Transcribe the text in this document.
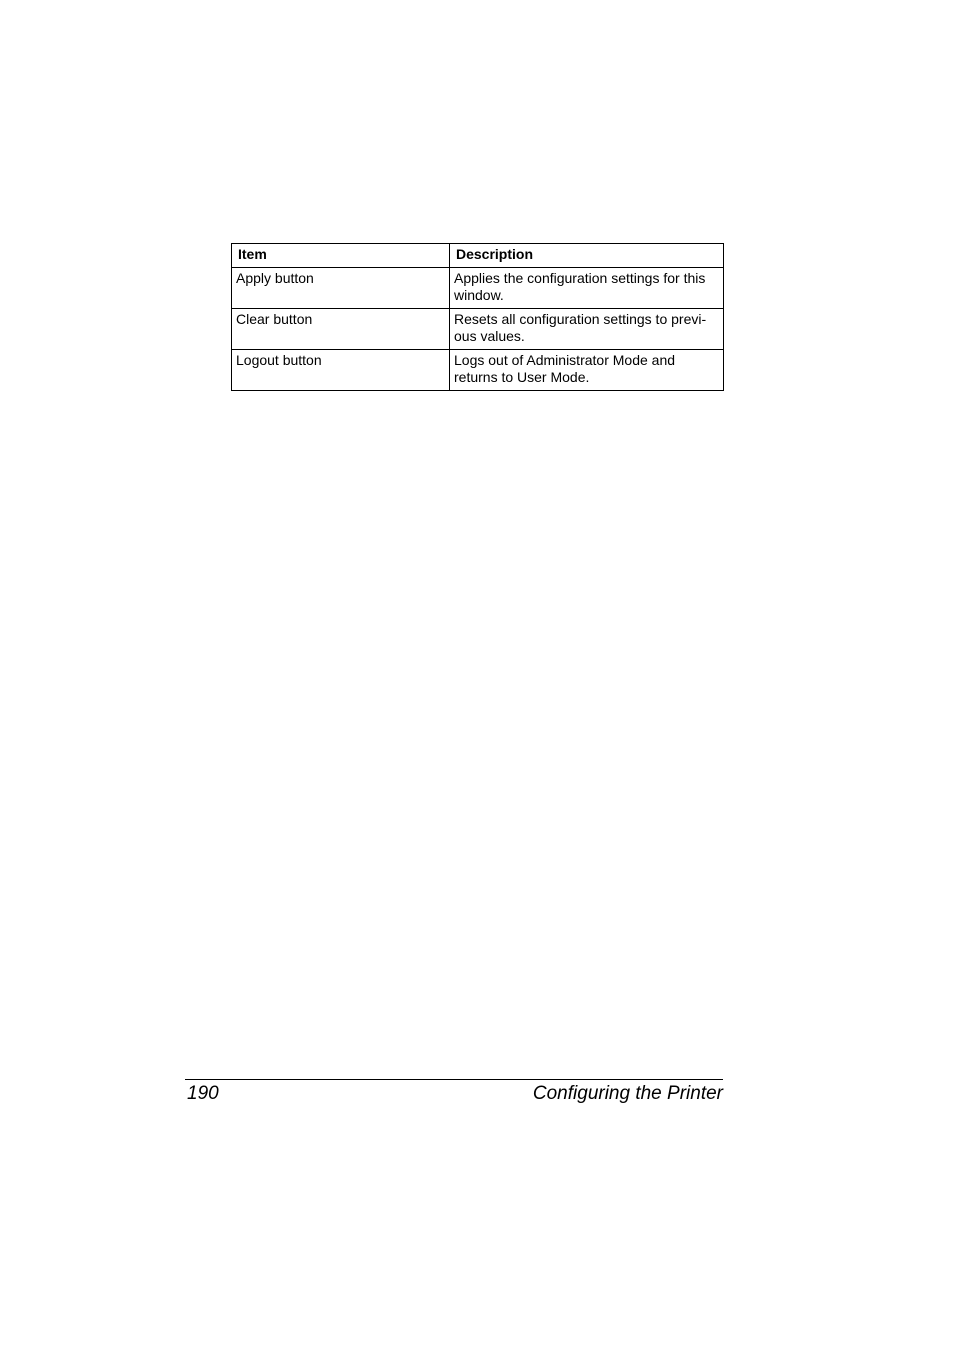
Item	Description
Apply button	Applies the configuration settings for this
window.
Clear button	Resets all configuration settings to previ-
ous values.
Logout button	Logs out of Administrator Mode and
returns to User Mode.
190	Configuring the Printer
